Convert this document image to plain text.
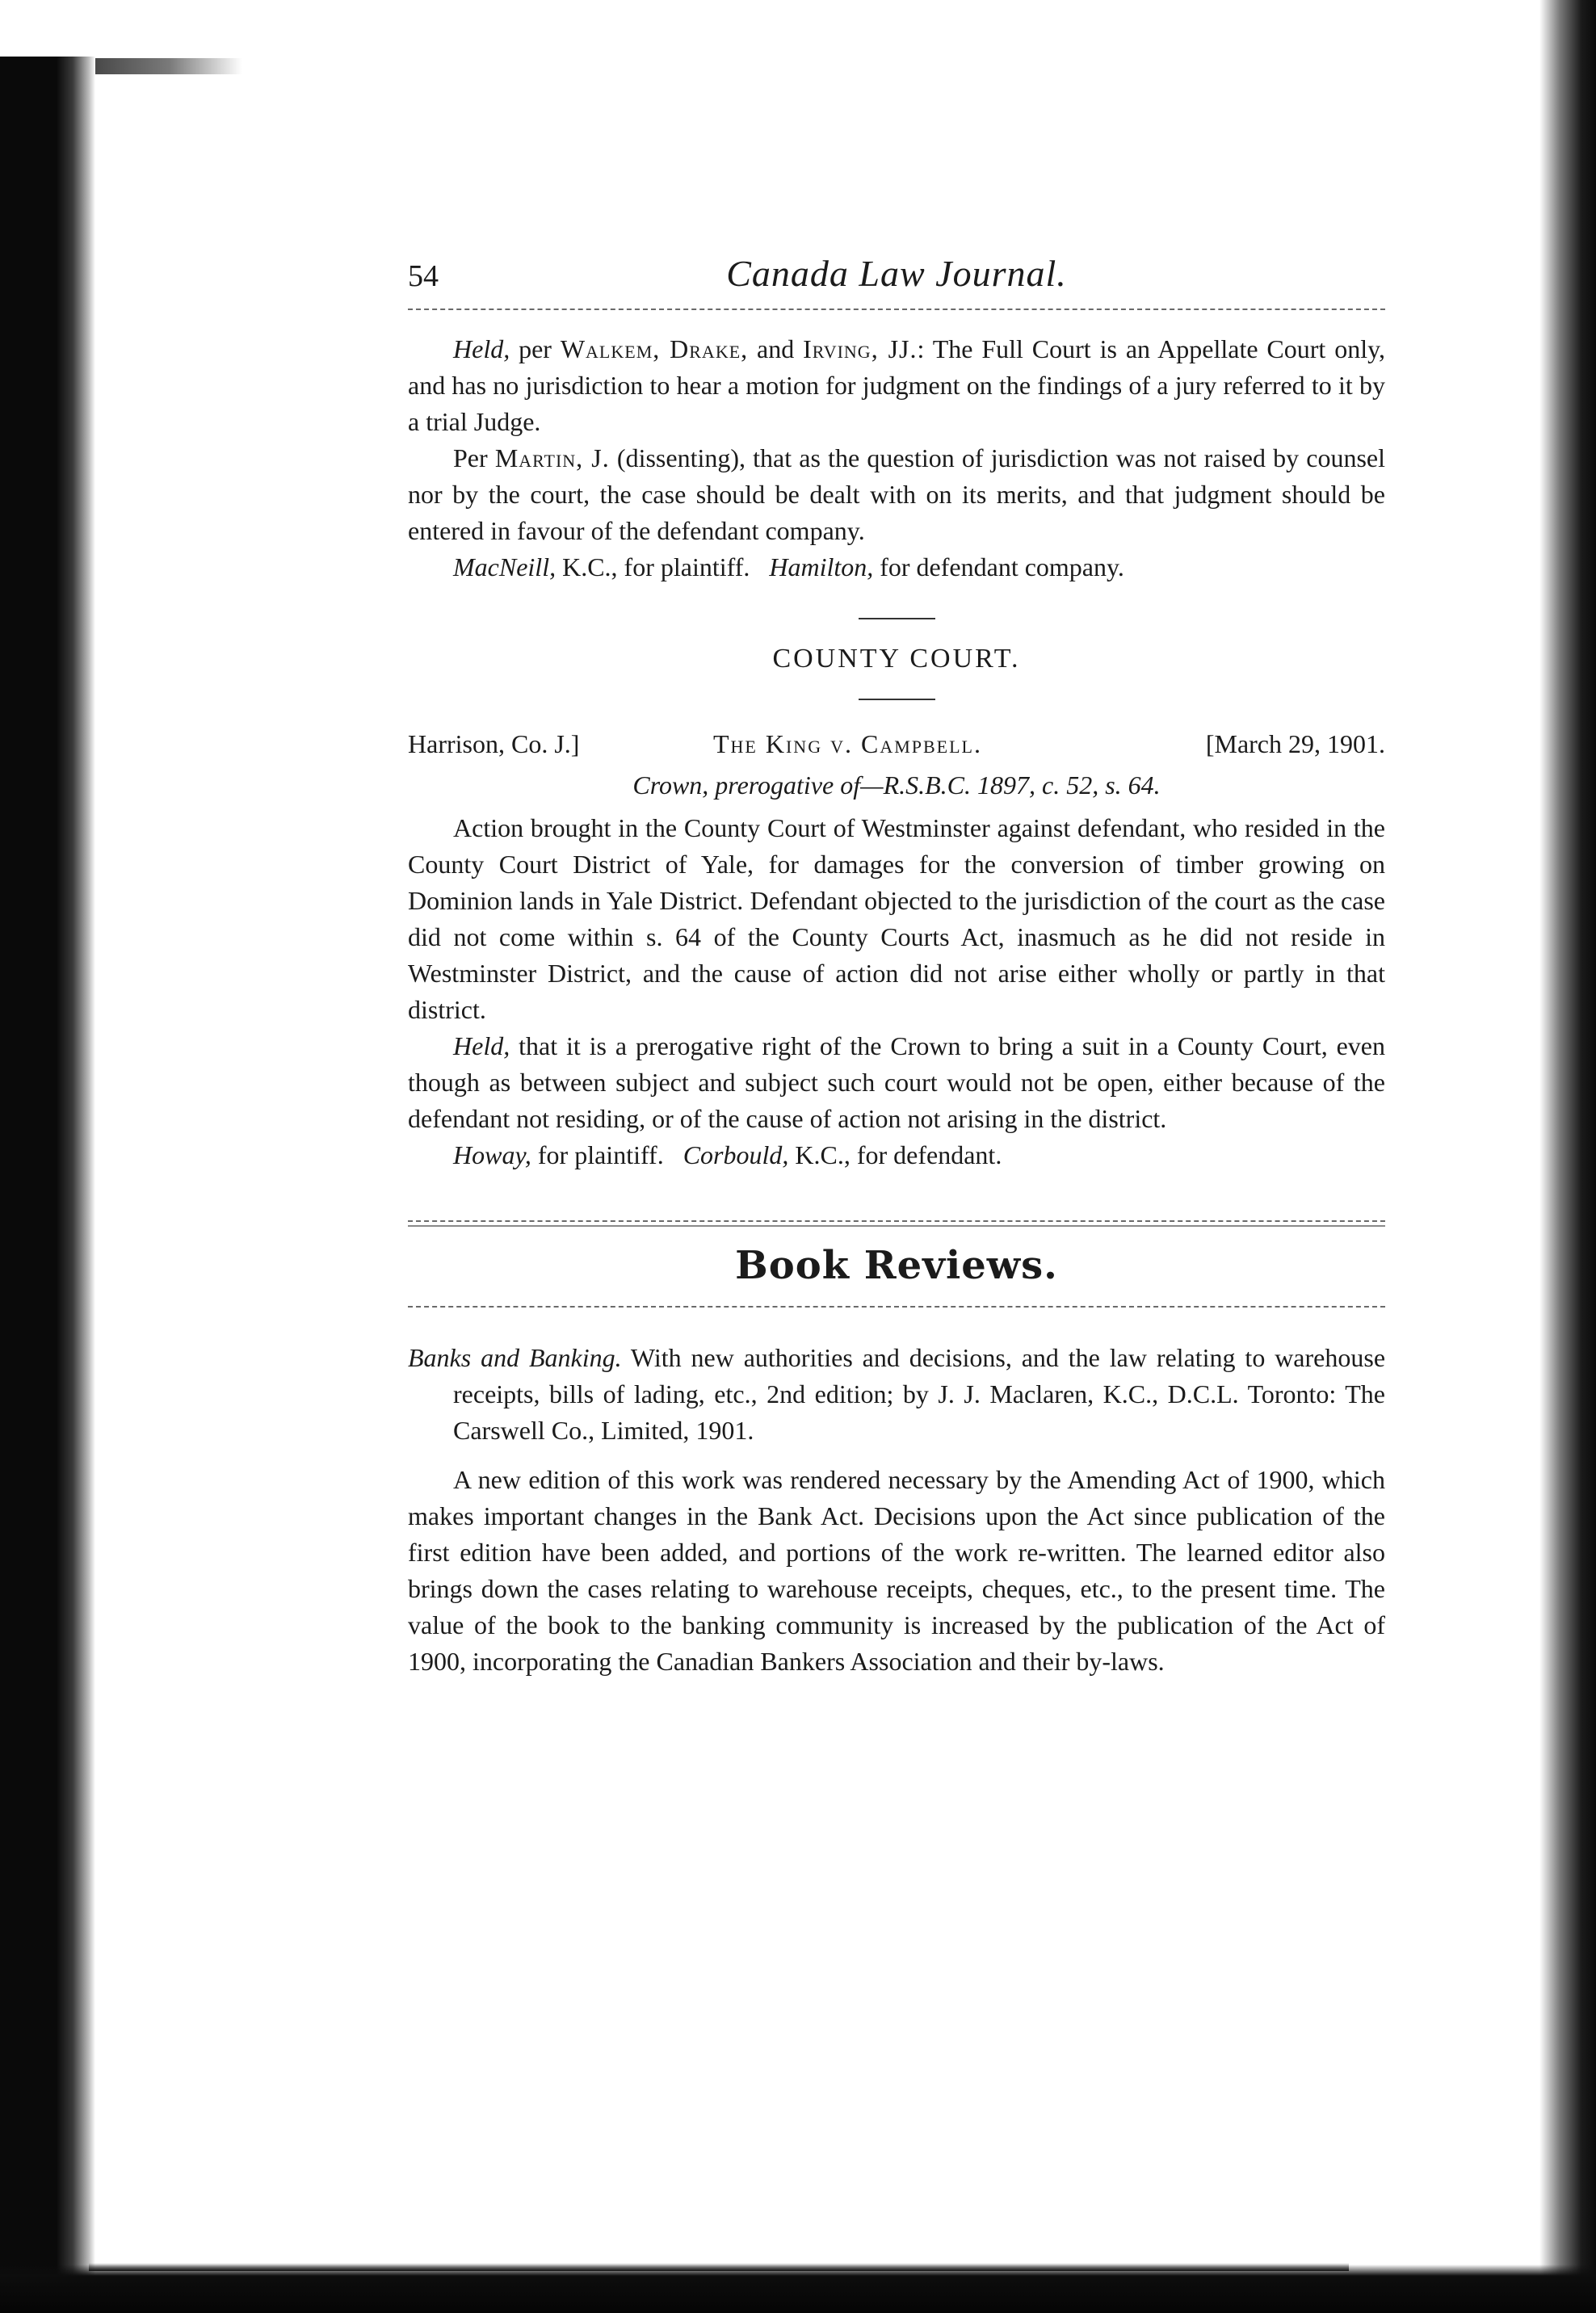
54	Canada Law Journal.

Held, per Walkem, Drake, and Irving, JJ.: The Full Court is an Appellate Court only, and has no jurisdiction to hear a motion for judgment on the findings of a jury referred to it by a trial Judge.

Per Martin, J. (dissenting), that as the question of jurisdiction was not raised by counsel nor by the court, the case should be dealt with on its merits, and that judgment should be entered in favour of the defendant company.

MacNeill, K.C., for plaintiff. Hamilton, for defendant company.

COUNTY COURT.
Harrison, Co. J.]	The King v. Campbell.	[March 29, 1901.
Crown, prerogative of—R.S.B.C. 1897, c. 52, s. 64.

Action brought in the County Court of Westminster against defendant, who resided in the County Court District of Yale, for damages for the conversion of timber growing on Dominion lands in Yale District. Defendant objected to the jurisdiction of the court as the case did not come within s. 64 of the County Courts Act, inasmuch as he did not reside in Westminster District, and the cause of action did not arise either wholly or partly in that district.

Held, that it is a prerogative right of the Crown to bring a suit in a County Court, even though as between subject and subject such court would not be open, either because of the defendant not residing, or of the cause of action not arising in the district.

Howay, for plaintiff. Corbould, K.C., for defendant.

Book Reviews.

Banks and Banking. With new authorities and decisions, and the law relating to warehouse receipts, bills of lading, etc., 2nd edition; by J. J. Maclaren, K.C., D.C.L. Toronto: The Carswell Co., Limited, 1901.

A new edition of this work was rendered necessary by the Amending Act of 1900, which makes important changes in the Bank Act. Decisions upon the Act since publication of the first edition have been added, and portions of the work re-written. The learned editor also brings down the cases relating to warehouse receipts, cheques, etc., to the present time. The value of the book to the banking community is increased by the publication of the Act of 1900, incorporating the Canadian Bankers Association and their by-laws.
